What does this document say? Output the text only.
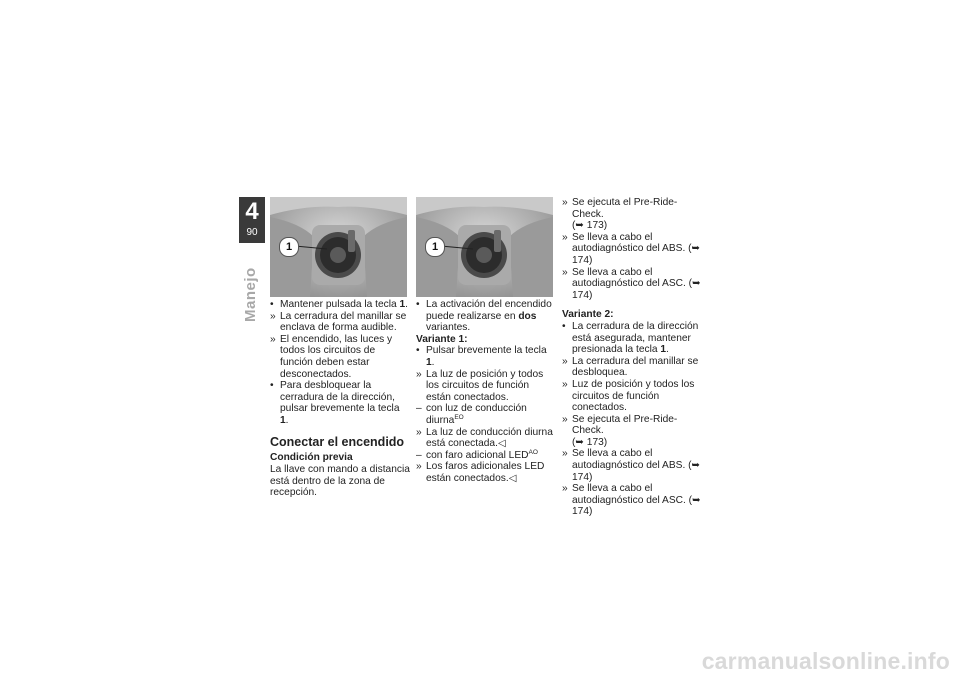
4
90
Manejo
1	1

• Mantener pulsada la tecla 1.

» La cerradura del manillar se enclava de forma audible.

» El encendido, las luces y todos los circuitos de función deben estar desconectados.

• Para desbloquear la cerradura de la dirección, pulsar brevemente la tecla 1.

Conectar el encendido
Condición previa
La llave con mando a distancia está dentro de la zona de recepción.

• La activación del encendido puede realizarse en dos variantes.

Variante 1:

• Pulsar brevemente la tecla 1.

» La luz de posición y todos los circuitos de función están conectados.

– con luz de conducción diurna$^{EO}$

» La luz de conducción diurna está conectada.◁

– con faro adicional $LED^{AO}$

» Los faros adicionales LED están conectados.◁

» Se ejecuta el Pre-Ride-Check.
(➥ 173)

» Se lleva a cabo el autodiagnóstico del ABS. (➥ 174)

» Se lleva a cabo el autodiagnóstico del ASC. (➥ 174)

Variante 2:

• La cerradura de la dirección está asegurada, mantener presionada la tecla 1.

» La cerradura del manillar se desbloquea.

» Luz de posición y todos los circuitos de función conectados.

» Se ejecuta el Pre-Ride-Check.
(➥ 173)

» Se lleva a cabo el autodiagnóstico del ABS. (➥ 174)

» Se lleva a cabo el autodiagnóstico del ASC. (➥ 174)

carmanualsonline.info
